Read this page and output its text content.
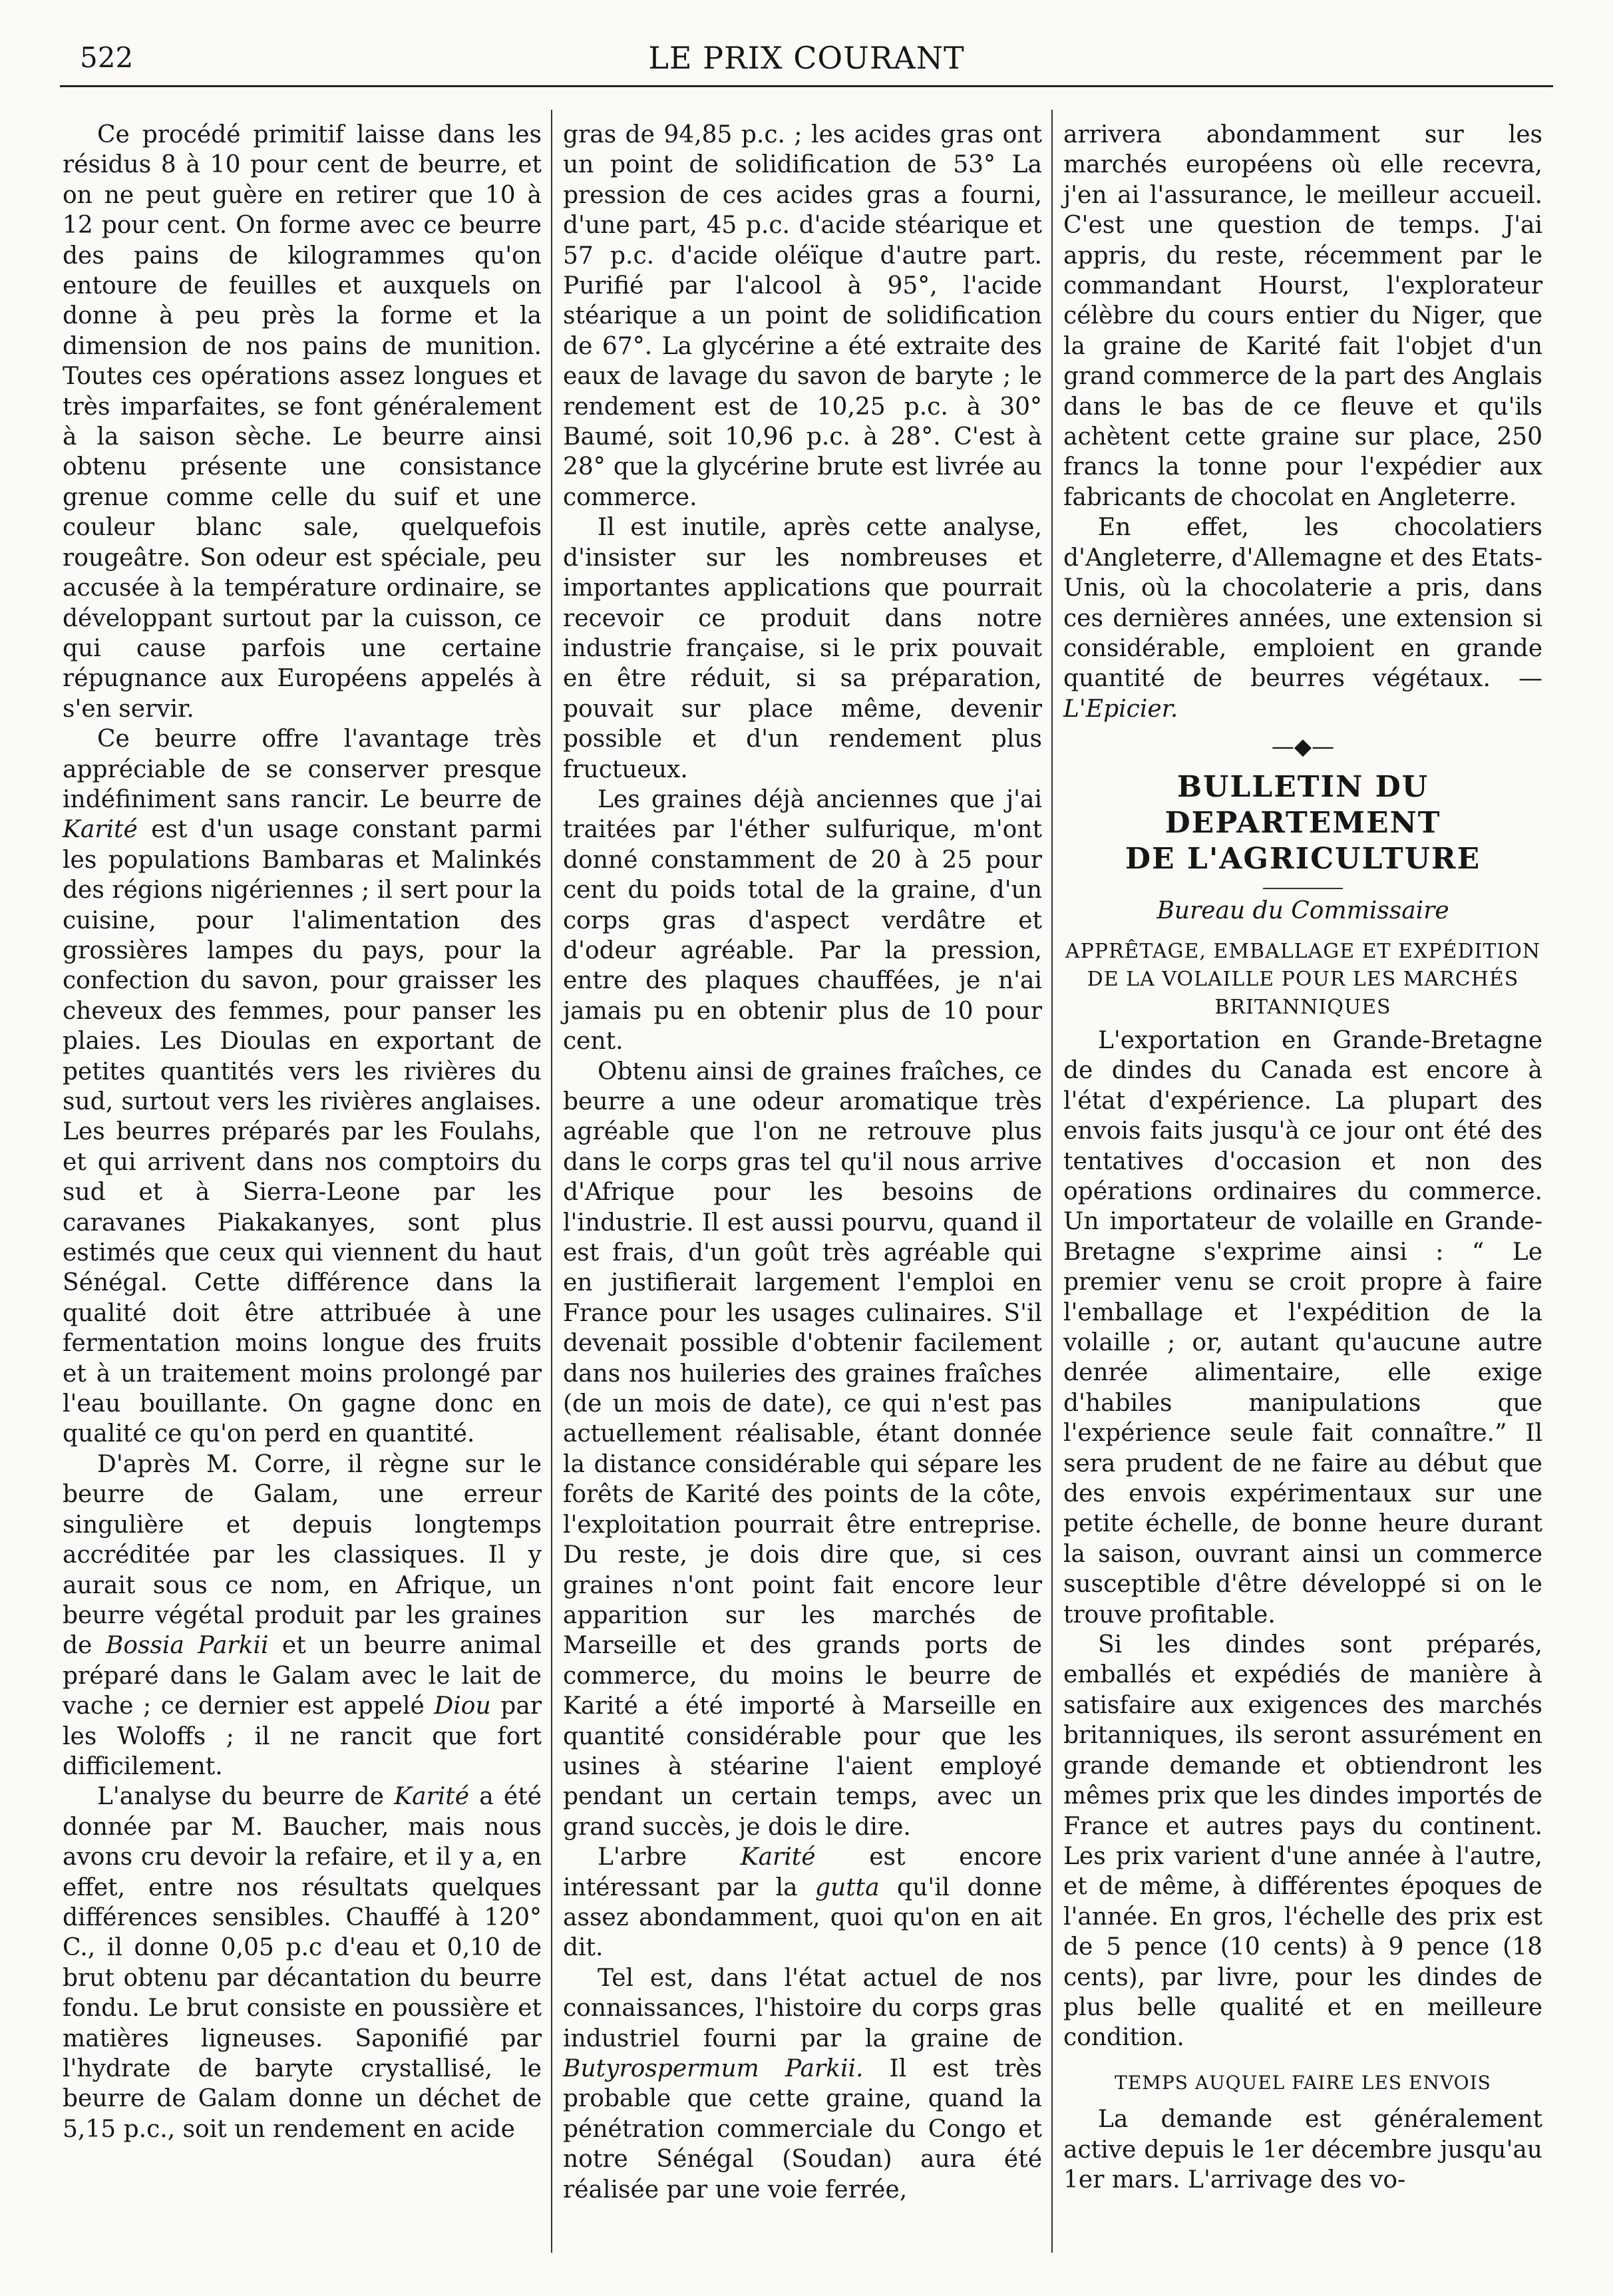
522	LE PRIX COURANT

Ce procédé primitif laisse dans les résidus 8 à 10 pour cent de beurre, et on ne peut guère en retirer que 10 à 12 pour cent. On forme avec ce beurre des pains de kilogrammes qu'on entoure de feuilles et auxquels on donne à peu près la forme et la dimension de nos pains de munition. Toutes ces opérations assez longues et très imparfaites, se font généralement à la saison sèche. Le beurre ainsi obtenu présente une consistance grenue comme celle du suif et une couleur blanc sale, quelquefois rougeâtre. Son odeur est spéciale, peu accusée à la température ordinaire, se développant surtout par la cuisson, ce qui cause parfois une certaine répugnance aux Européens appelés à s'en servir.

Ce beurre offre l'avantage très appréciable de se conserver presque indéfiniment sans rancir. Le beurre de Karité est d'un usage constant parmi les populations Bambaras et Malinkés des régions nigériennes ; il sert pour la cuisine, pour l'alimentation des grossières lampes du pays, pour la confection du savon, pour graisser les cheveux des femmes, pour panser les plaies. Les Dioulas en exportant de petites quantités vers les rivières du sud, surtout vers les rivières anglaises. Les beurres préparés par les Foulahs, et qui arrivent dans nos comptoirs du sud et à Sierra-Leone par les caravanes Piakakanyes, sont plus estimés que ceux qui viennent du haut Sénégal. Cette différence dans la qualité doit être attribuée à une fermentation moins longue des fruits et à un traitement moins prolongé par l'eau bouillante. On gagne donc en qualité ce qu'on perd en quantité.

D'après M. Corre, il règne sur le beurre de Galam, une erreur singulière et depuis longtemps accréditée par les classiques. Il y aurait sous ce nom, en Afrique, un beurre végétal produit par les graines de Bossia Parkii et un beurre animal préparé dans le Galam avec le lait de vache ; ce dernier est appelé Diou par les Woloffs ; il ne rancit que fort difficilement.

L'analyse du beurre de Karité a été donnée par M. Baucher, mais nous avons cru devoir la refaire, et il y a, en effet, entre nos résultats quelques différences sensibles. Chauffé à 120° C., il donne 0,05 p.c d'eau et 0,10 de brut obtenu par décantation du beurre fondu. Le brut consiste en poussière et matières ligneuses. Saponifié par l'hydrate de baryte crystallisé, le beurre de Galam donne un déchet de 5,15 p.c., soit un rendement en acide

gras de 94,85 p.c. ; les acides gras ont un point de solidification de 53° La pression de ces acides gras a fourni, d'une part, 45 p.c. d'acide stéarique et 57 p.c. d'acide oléïque d'autre part. Purifié par l'alcool à 95°, l'acide stéarique a un point de solidification de 67°. La glycérine a été extraite des eaux de lavage du savon de baryte ; le rendement est de 10,25 p.c. à 30° Baumé, soit 10,96 p.c. à 28°. C'est à 28° que la glycérine brute est livrée au commerce.

Il est inutile, après cette analyse, d'insister sur les nombreuses et importantes applications que pourrait recevoir ce produit dans notre industrie française, si le prix pouvait en être réduit, si sa préparation, pouvait sur place même, devenir possible et d'un rendement plus fructueux.

Les graines déjà anciennes que j'ai traitées par l'éther sulfurique, m'ont donné constamment de 20 à 25 pour cent du poids total de la graine, d'un corps gras d'aspect verdâtre et d'odeur agréable. Par la pression, entre des plaques chauffées, je n'ai jamais pu en obtenir plus de 10 pour cent.

Obtenu ainsi de graines fraîches, ce beurre a une odeur aromatique très agréable que l'on ne retrouve plus dans le corps gras tel qu'il nous arrive d'Afrique pour les besoins de l'industrie. Il est aussi pourvu, quand il est frais, d'un goût très agréable qui en justifierait largement l'emploi en France pour les usages culinaires. S'il devenait possible d'obtenir facilement dans nos huileries des graines fraîches (de un mois de date), ce qui n'est pas actuellement réalisable, étant donnée la distance considérable qui sépare les forêts de Karité des points de la côte, l'exploitation pourrait être entreprise. Du reste, je dois dire que, si ces graines n'ont point fait encore leur apparition sur les marchés de Marseille et des grands ports de commerce, du moins le beurre de Karité a été importé à Marseille en quantité considérable pour que les usines à stéarine l'aient employé pendant un certain temps, avec un grand succès, je dois le dire.

L'arbre Karité est encore intéressant par la gutta qu'il donne assez abondamment, quoi qu'on en ait dit.

Tel est, dans l'état actuel de nos connaissances, l'histoire du corps gras industriel fourni par la graine de Butyrospermum Parkii. Il est très probable que cette graine, quand la pénétration commerciale du Congo et notre Sénégal (Soudan) aura été réalisée par une voie ferrée,

arrivera abondamment sur les marchés européens où elle recevra, j'en ai l'assurance, le meilleur accueil. C'est une question de temps. J'ai appris, du reste, récemment par le commandant Hourst, l'explorateur célèbre du cours entier du Niger, que la graine de Karité fait l'objet d'un grand commerce de la part des Anglais dans le bas de ce fleuve et qu'ils achètent cette graine sur place, 250 francs la tonne pour l'expédier aux fabricants de chocolat en Angleterre.

En effet, les chocolatiers d'Angleterre, d'Allemagne et des Etats-Unis, où la chocolaterie a pris, dans ces dernières années, une extension si considérable, emploient en grande quantité de beurres végétaux. — L'Epicier.

—◆—
BULLETIN DU DEPARTEMENT
DE L'AGRICULTURE
Bureau du Commissaire
APPRÊTAGE, EMBALLAGE ET EXPÉDITION DE LA VOLAILLE POUR LES MARCHÉS BRITANNIQUES

L'exportation en Grande-Bretagne de dindes du Canada est encore à l'état d'expérience. La plupart des envois faits jusqu'à ce jour ont été des tentatives d'occasion et non des opérations ordinaires du commerce. Un importateur de volaille en Grande-Bretagne s'exprime ainsi : “ Le premier venu se croit propre à faire l'emballage et l'expédition de la volaille ; or, autant qu'aucune autre denrée alimentaire, elle exige d'habiles manipulations que l'expérience seule fait connaître.” Il sera prudent de ne faire au début que des envois expérimentaux sur une petite échelle, de bonne heure durant la saison, ouvrant ainsi un commerce susceptible d'être développé si on le trouve profitable.

Si les dindes sont préparés, emballés et expédiés de manière à satisfaire aux exigences des marchés britanniques, ils seront assurément en grande demande et obtiendront les mêmes prix que les dindes importés de France et autres pays du continent. Les prix varient d'une année à l'autre, et de même, à différentes époques de l'année. En gros, l'échelle des prix est de 5 pence (10 cents) à 9 pence (18 cents), par livre, pour les dindes de plus belle qualité et en meilleure condition.

TEMPS AUQUEL FAIRE LES ENVOIS

La demande est généralement active depuis le 1er décembre jusqu'au 1er mars. L'arrivage des vo-
